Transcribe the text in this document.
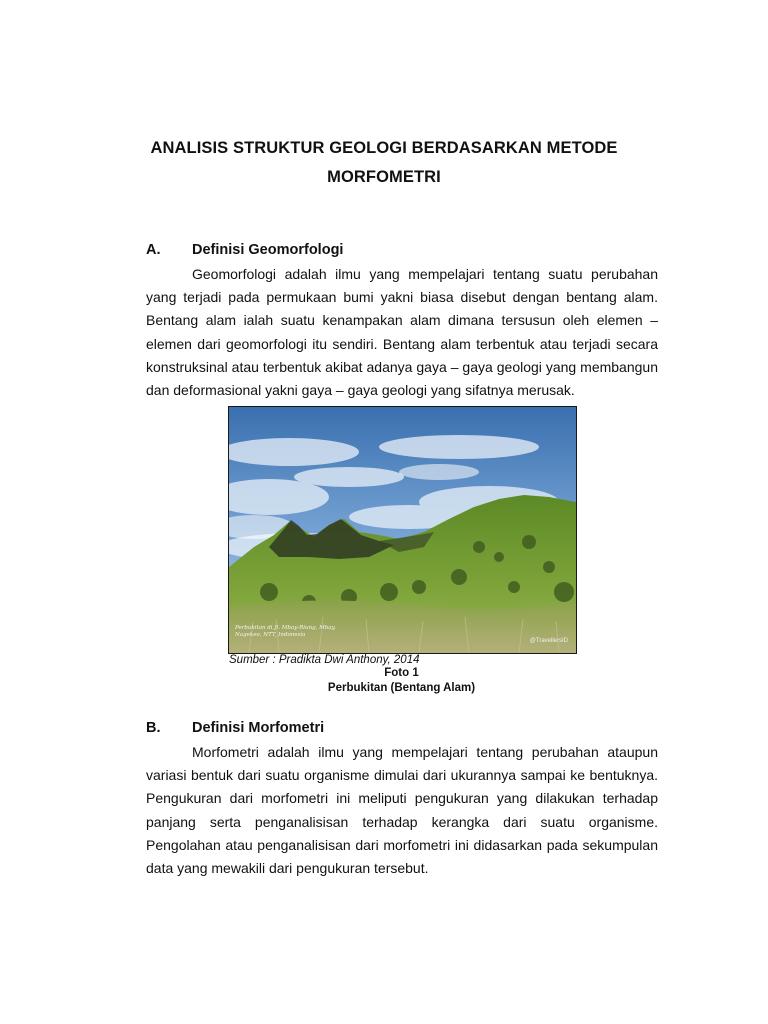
ANALISIS STRUKTUR GEOLOGI BERDASARKAN METODE
MORFOMETRI
A. Definisi Geomorfologi

Geomorfologi adalah ilmu yang mempelajari tentang suatu perubahan yang terjadi pada permukaan bumi yakni biasa disebut dengan bentang alam. Bentang alam ialah suatu kenampakan alam dimana tersusun oleh elemen – elemen dari geomorfologi itu sendiri. Bentang alam terbentuk atau terjadi secara konstruksinal atau terbentuk akibat adanya gaya – gaya geologi yang membangun dan deformasional yakni gaya – gaya geologi yang sifatnya merusak.

Perbukitan di Jl. Mbay-Riung, Mbay, Nagekeo, NTT, Indonesia
@TravellersID
Sumber : Pradikta Dwi Anthony, 2014
Foto 1
Perbukitan (Bentang Alam)
B. Definisi Morfometri

Morfometri adalah ilmu yang mempelajari tentang perubahan ataupun variasi bentuk dari suatu organisme dimulai dari ukurannya sampai ke bentuknya. Pengukuran dari morfometri ini meliputi pengukuran yang dilakukan terhadap panjang serta penganalisisan terhadap kerangka dari suatu organisme. Pengolahan atau penganalisisan dari morfometri ini didasarkan pada sekumpulan data yang mewakili dari pengukuran tersebut.
